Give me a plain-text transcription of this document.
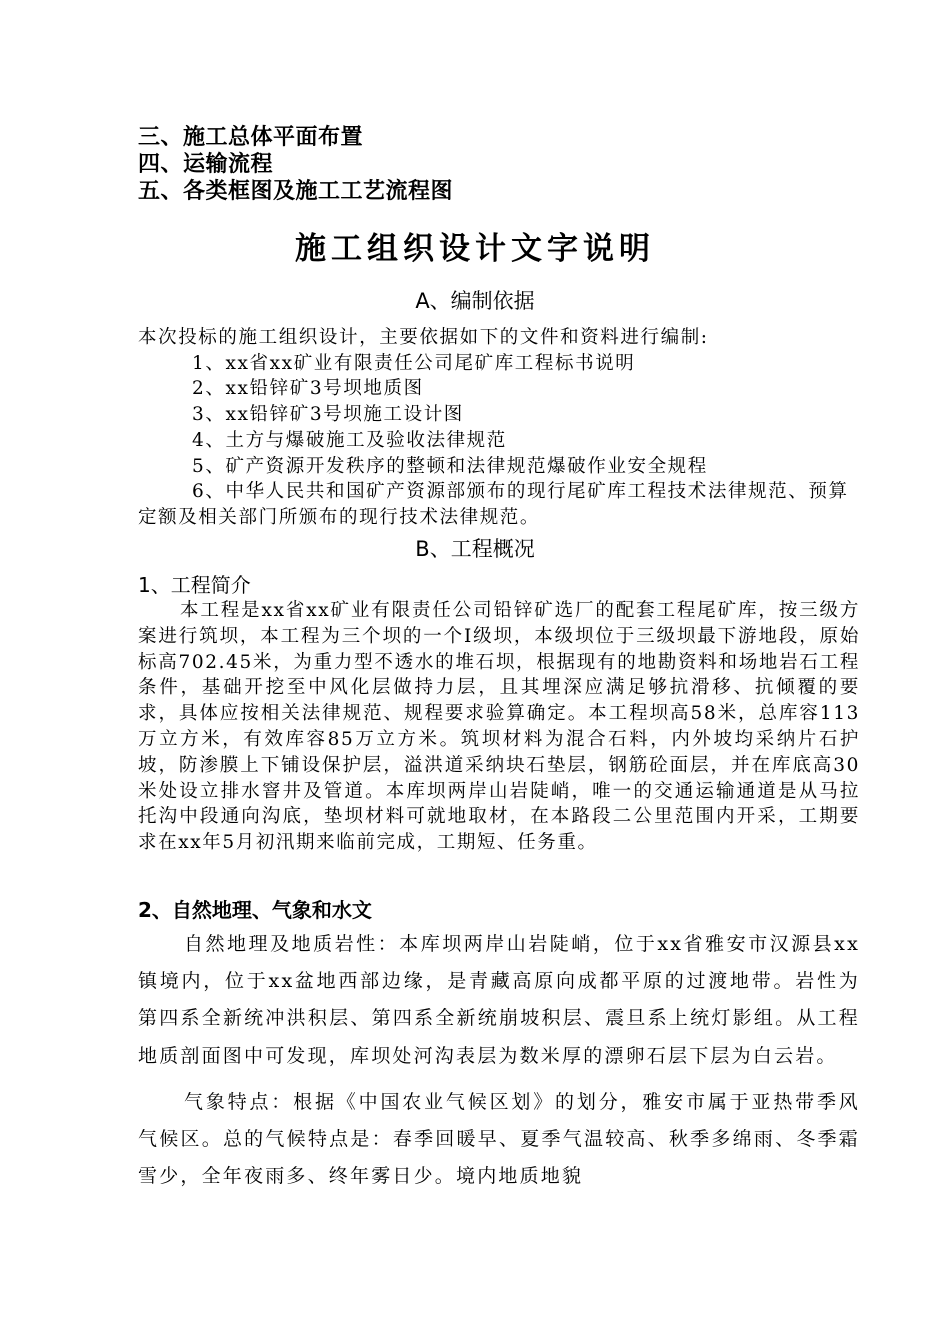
三、施工总体平面布置
四、运输流程
五、各类框图及施工工艺流程图
施工组织设计文字说明
A、编制依据

本次投标的施工组织设计，主要依据如下的文件和资料进行编制:

1、xx省xx矿业有限责任公司尾矿库工程标书说明

2、xx铅锌矿3号坝地质图

3、xx铅锌矿3号坝施工设计图

4、土方与爆破施工及验收法律规范

5、矿产资源开发秩序的整顿和法律规范爆破作业安全规程

6、中华人民共和国矿产资源部颁布的现行尾矿库工程技术法律规范、预算定额及相关部门所颁布的现行技术法律规范。

B、工程概况
1、工程简介

本工程是xx省xx矿业有限责任公司铅锌矿选厂的配套工程尾矿库，按三级方案进行筑坝，本工程为三个坝的一个Ⅰ级坝，本级坝位于三级坝最下游地段，原始标高702.45米，为重力型不透水的堆石坝，根据现有的地勘资料和场地岩石工程条件，基础开挖至中风化层做持力层，且其埋深应满足够抗滑移、抗倾覆的要求，具体应按相关法律规范、规程要求验算确定。本工程坝高58米，总库容113万立方米，有效库容85万立方米。筑坝材料为混合石料，内外坡均采纳片石护坡，防渗膜上下铺设保护层，溢洪道采纳块石垫层，钢筋砼面层，并在库底高30米处设立排水窨井及管道。本库坝两岸山岩陡峭，唯一的交通运输通道是从马拉托沟中段通向沟底，垫坝材料可就地取材，在本路段二公里范围内开采，工期要求在xx年5月初汛期来临前完成，工期短、任务重。

2、自然地理、气象和水文

自然地理及地质岩性：本库坝两岸山岩陡峭，位于xx省雅安市汉源县xx镇境内，位于xx盆地西部边缘，是青藏高原向成都平原的过渡地带。岩性为第四系全新统冲洪积层、第四系全新统崩坡积层、震旦系上统灯影组。从工程地质剖面图中可发现，库坝处河沟表层为数米厚的漂卵石层下层为白云岩。

气象特点：根据《中国农业气候区划》的划分，雅安市属于亚热带季风气候区。总的气候特点是：春季回暖早、夏季气温较高、秋季多绵雨、冬季霜雪少，全年夜雨多、终年雾日少。境内地质地貌
